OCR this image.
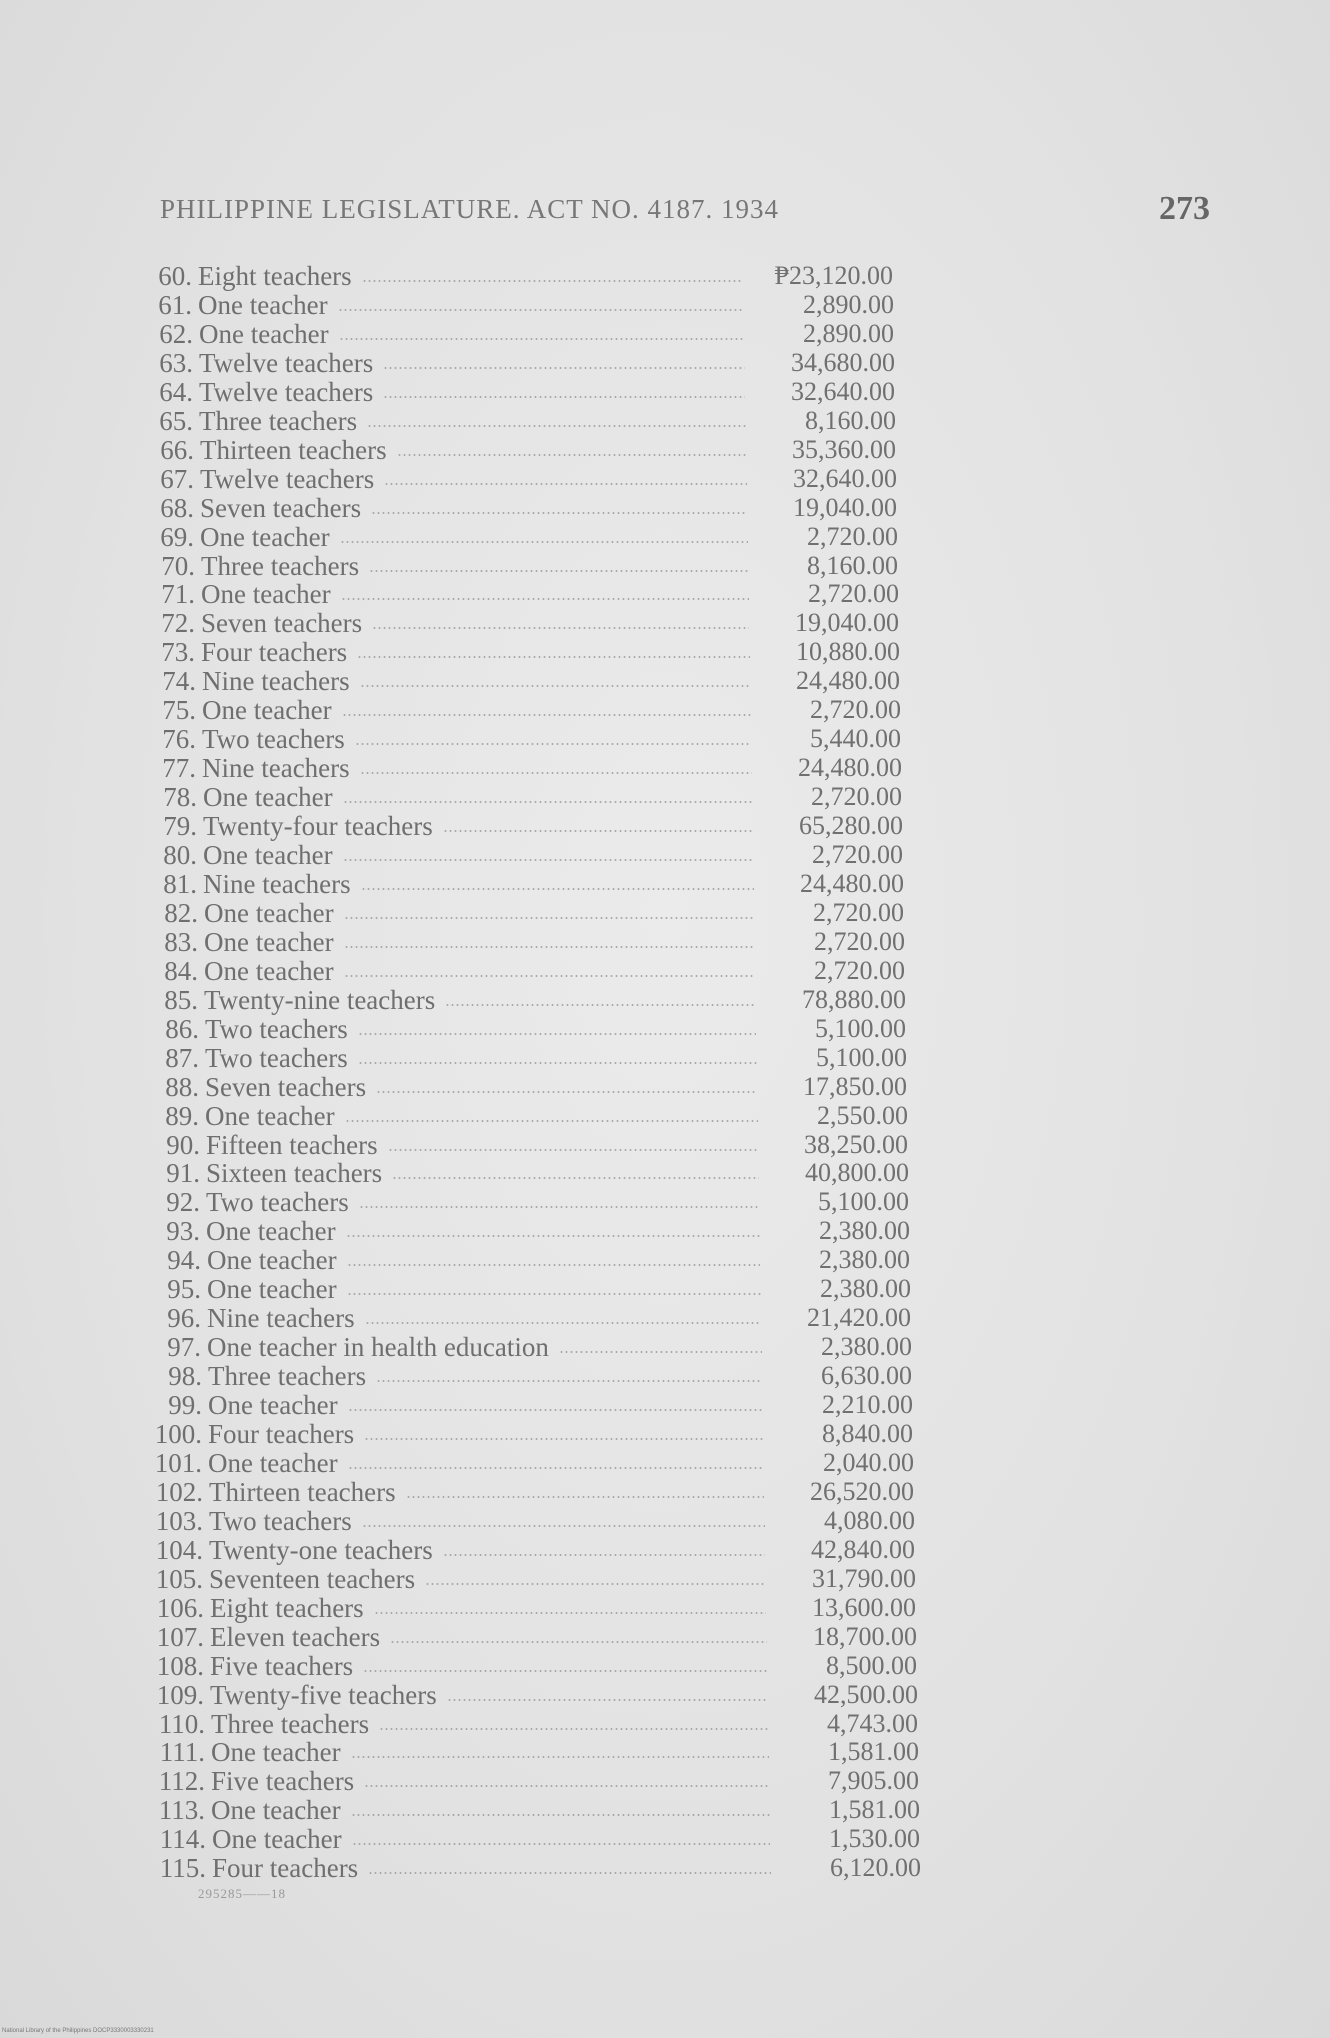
PHILIPPINE LEGISLATURE. ACT NO. 4187. 1934	273
60. Eight teachers	₱23,120.00
61. One teacher	2,890.00
62. One teacher	2,890.00
63. Twelve teachers	34,680.00
64. Twelve teachers	32,640.00
65. Three teachers	8,160.00
66. Thirteen teachers	35,360.00
67. Twelve teachers	32,640.00
68. Seven teachers	19,040.00
69. One teacher	2,720.00
70. Three teachers	8,160.00
71. One teacher	2,720.00
72. Seven teachers	19,040.00
73. Four teachers	10,880.00
74. Nine teachers	24,480.00
75. One teacher	2,720.00
76. Two teachers	5,440.00
77. Nine teachers	24,480.00
78. One teacher	2,720.00
79. Twenty-four teachers	65,280.00
80. One teacher	2,720.00
81. Nine teachers	24,480.00
82. One teacher	2,720.00
83. One teacher	2,720.00
84. One teacher	2,720.00
85. Twenty-nine teachers	78,880.00
86. Two teachers	5,100.00
87. Two teachers	5,100.00
88. Seven teachers	17,850.00
89. One teacher	2,550.00
90. Fifteen teachers	38,250.00
91. Sixteen teachers	40,800.00
92. Two teachers	5,100.00
93. One teacher	2,380.00
94. One teacher	2,380.00
95. One teacher	2,380.00
96. Nine teachers	21,420.00
97. One teacher in health education	2,380.00
98. Three teachers	6,630.00
99. One teacher	2,210.00
100. Four teachers	8,840.00
101. One teacher	2,040.00
102. Thirteen teachers	26,520.00
103. Two teachers	4,080.00
104. Twenty-one teachers	42,840.00
105. Seventeen teachers	31,790.00
106. Eight teachers	13,600.00
107. Eleven teachers	18,700.00
108. Five teachers	8,500.00
109. Twenty-five teachers	42,500.00
110. Three teachers	4,743.00
111. One teacher	1,581.00
112. Five teachers	7,905.00
113. One teacher	1,581.00
114. One teacher	1,530.00
115. Four teachers	6,120.00
295285——18
National Library of the Philippines DOCP3330003330231
